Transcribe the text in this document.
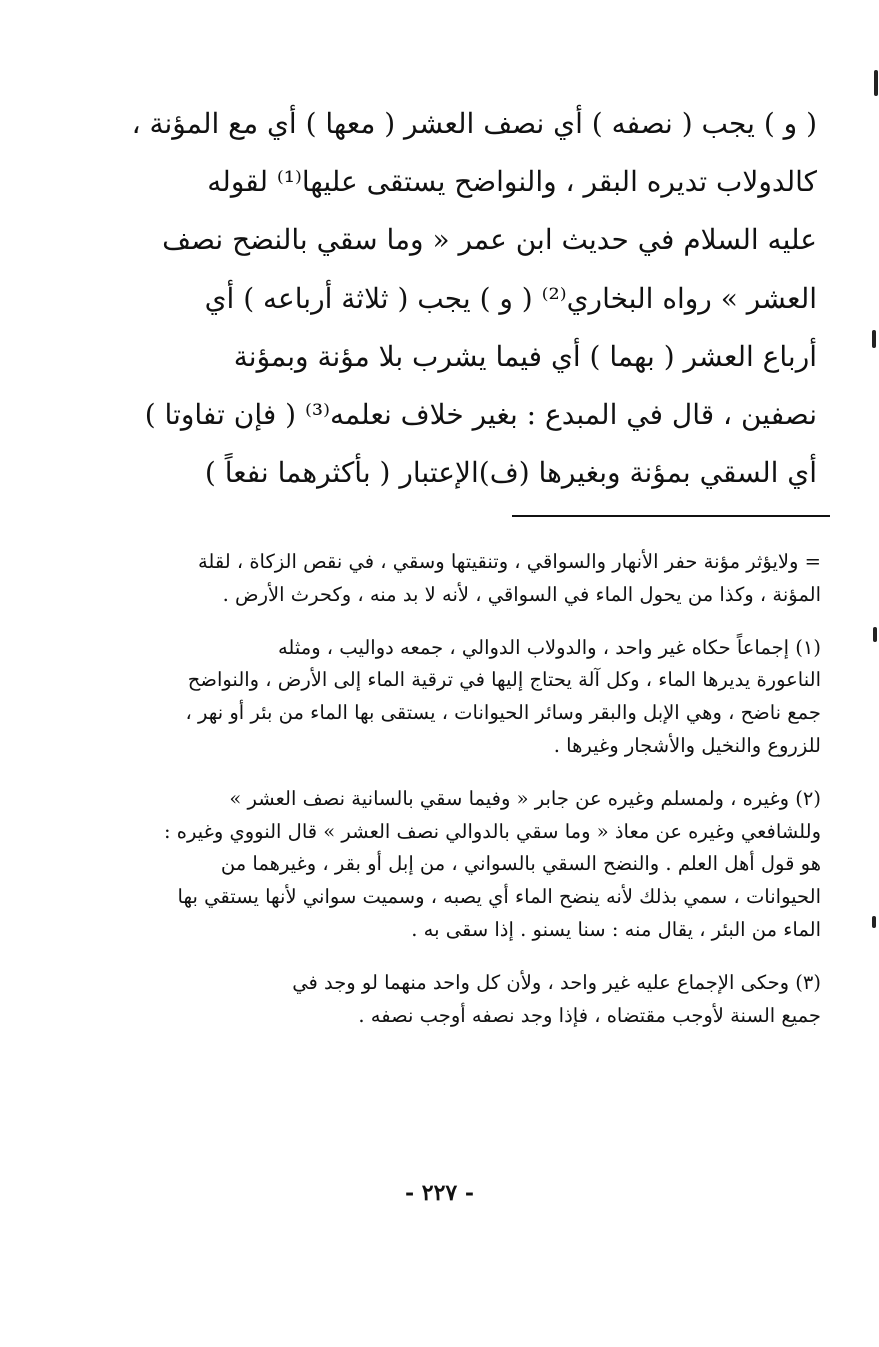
( و ) يجب ( نصفه ) أي نصف العشر ( معها ) أي مع المؤنة ،
كالدولاب تديره البقر ، والنواضح يستقى عليها⁽¹⁾ لقوله
عليه السلام في حديث ابن عمر « وما سقي بالنضح نصف
العشر » رواه البخاري⁽²⁾ ( و ) يجب ( ثلاثة أرباعه ) أي
أرباع العشر ( بهما ) أي فيما يشرب بلا مؤنة وبمؤنة
نصفين ، قال في المبدع : بغير خلاف نعلمه⁽³⁾ ( فإن تفاوتا )
أي السقي بمؤنة وبغيرها (ف)الإعتبار ( بأكثرهما نفعاً )
= ولايؤثر مؤنة حفر الأنهار والسواقي ، وتنقيتها وسقي ، في نقص الزكاة ، لقلة
المؤنة ، وكذا من يحول الماء في السواقي ، لأنه لا بد منه ، وكحرث الأرض .
(١) إجماعاً حكاه غير واحد ، والدولاب الدوالي ، جمعه دواليب ، ومثله
الناعورة يديرها الماء ، وكل آلة يحتاج إليها في ترقية الماء إلى الأرض ، والنواضح
جمع ناضح ، وهي الإبل والبقر وسائر الحيوانات ، يستقى بها الماء من بئر أو نهر ،
للزروع والنخيل والأشجار وغيرها .
(٢) وغيره ، ولمسلم وغيره عن جابر « وفيما سقي بالسانية نصف العشر »
وللشافعي وغيره عن معاذ « وما سقي بالدوالي نصف العشر » قال النووي وغيره :
هو قول أهل العلم . والنضح السقي بالسواني ، من إبل أو بقر ، وغيرهما من
الحيوانات ، سمي بذلك لأنه ينضح الماء أي يصبه ، وسميت سواني لأنها يستقي بها
الماء من البئر ، يقال منه : سنا يسنو . إذا سقى به .
(٣) وحكى الإجماع عليه غير واحد ، ولأن كل واحد منهما لو وجد في
جميع السنة لأوجب مقتضاه ، فإذا وجد نصفه أوجب نصفه .
- ٢٢٧ -
